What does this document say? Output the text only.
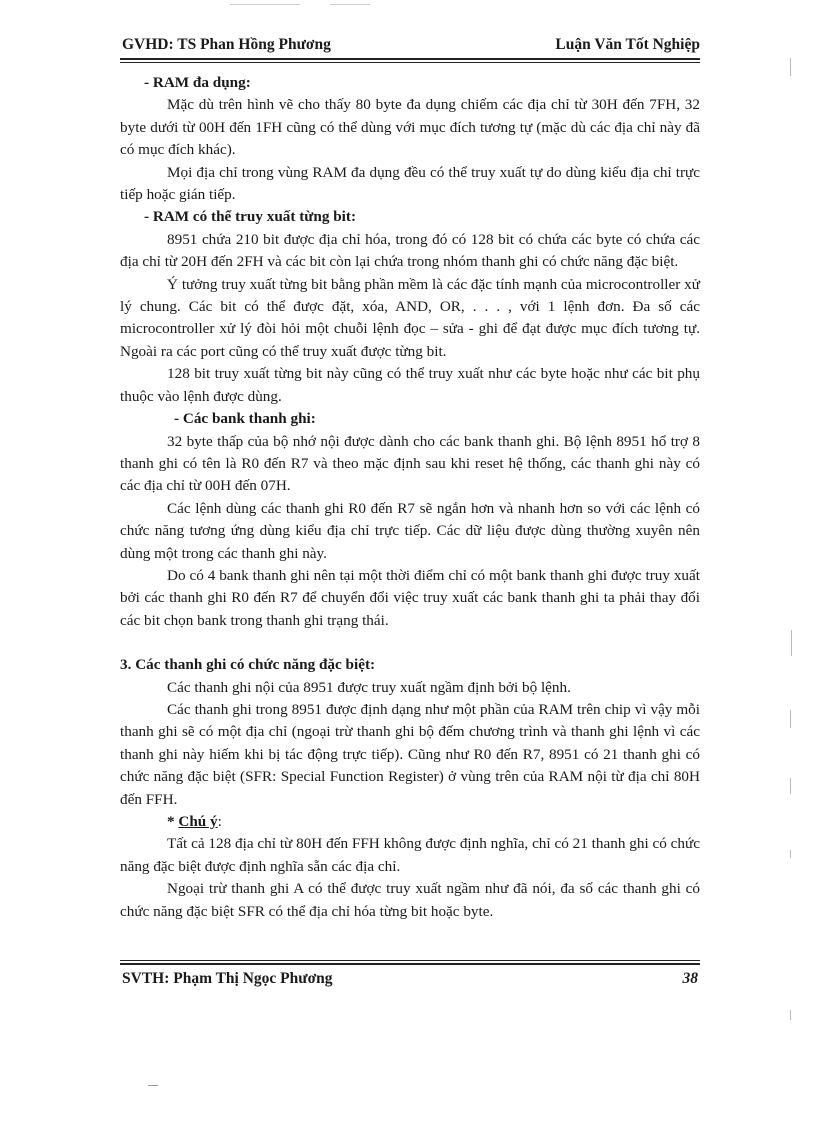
GVHD: TS Phan Hồng Phương	Luận Văn Tốt Nghiệp

- RAM đa dụng:

Mặc dù trên hình vẽ cho thấy 80 byte đa dụng chiếm các địa chỉ từ 30H đến 7FH, 32 byte dưới từ 00H đến 1FH cũng có thể dùng với mục đích tương tự (mặc dù các địa chỉ này đã có mục đích khác).

Mọi địa chỉ trong vùng RAM đa dụng đều có thể truy xuất tự do dùng kiểu địa chỉ trực tiếp hoặc gián tiếp.

- RAM có thể truy xuất từng bit:

8951 chứa 210 bit được địa chỉ hóa, trong đó có 128 bit có chứa các byte có chứa các địa chỉ từ 20H đến 2FH và các bit còn lại chứa trong nhóm thanh ghi có chức năng đặc biệt.

Ý tưởng truy xuất từng bit bằng phần mềm là các đặc tính mạnh của microcontroller xử lý chung. Các bit có thể được đặt, xóa, AND, OR, . . . , với 1 lệnh đơn. Đa số các microcontroller xử lý đòi hỏi một chuỗi lệnh đọc – sửa - ghi để đạt được mục đích tương tự. Ngoài ra các port cũng có thể truy xuất được từng bit.

128 bit truy xuất từng bit này cũng có thể truy xuất như các byte hoặc như các bit phụ thuộc vào lệnh được dùng.

- Các bank thanh ghi:

32 byte thấp của bộ nhớ nội được dành cho các bank thanh ghi. Bộ lệnh 8951 hổ trợ 8 thanh ghi có tên là R0 đến R7 và theo mặc định sau khi reset hệ thống, các thanh ghi này có các địa chỉ từ 00H đến 07H.

Các lệnh dùng các thanh ghi R0 đến R7 sẽ ngắn hơn và nhanh hơn so với các lệnh có chức năng tương ứng dùng kiểu địa chỉ trực tiếp. Các dữ liệu được dùng thường xuyên nên dùng một trong các thanh ghi này.

Do có 4 bank thanh ghi nên tại một thời điểm chỉ có một bank thanh ghi được truy xuất bởi các thanh ghi R0 đến R7 để chuyển đổi việc truy xuất các bank thanh ghi ta phải thay đổi các bit chọn bank trong thanh ghi trạng thái.

3. Các thanh ghi có chức năng đặc biệt:

Các thanh ghi nội của 8951 được truy xuất ngầm định bởi bộ lệnh.

Các thanh ghi trong 8951 được định dạng như một phần của RAM trên chip vì vậy mỗi thanh ghi sẽ có một địa chỉ (ngoại trừ thanh ghi bộ đếm chương trình và thanh ghi lệnh vì các thanh ghi này hiếm khi bị tác động trực tiếp). Cũng như R0 đến R7, 8951 có 21 thanh ghi có chức năng đặc biệt (SFR: Special Function Register) ở vùng trên của RAM nội từ địa chỉ 80H đến FFH.

* Chú ý:

Tất cả 128 địa chỉ từ 80H đến FFH không được định nghĩa, chỉ có 21 thanh ghi có chức năng đặc biệt được định nghĩa sẵn các địa chỉ.

Ngoại trừ thanh ghi A có thể được truy xuất ngầm như đã nói, đa số các thanh ghi có chức năng đặc biệt SFR có thể địa chỉ hóa từng bit hoặc byte.

SVTH: Phạm Thị Ngọc Phương	38
